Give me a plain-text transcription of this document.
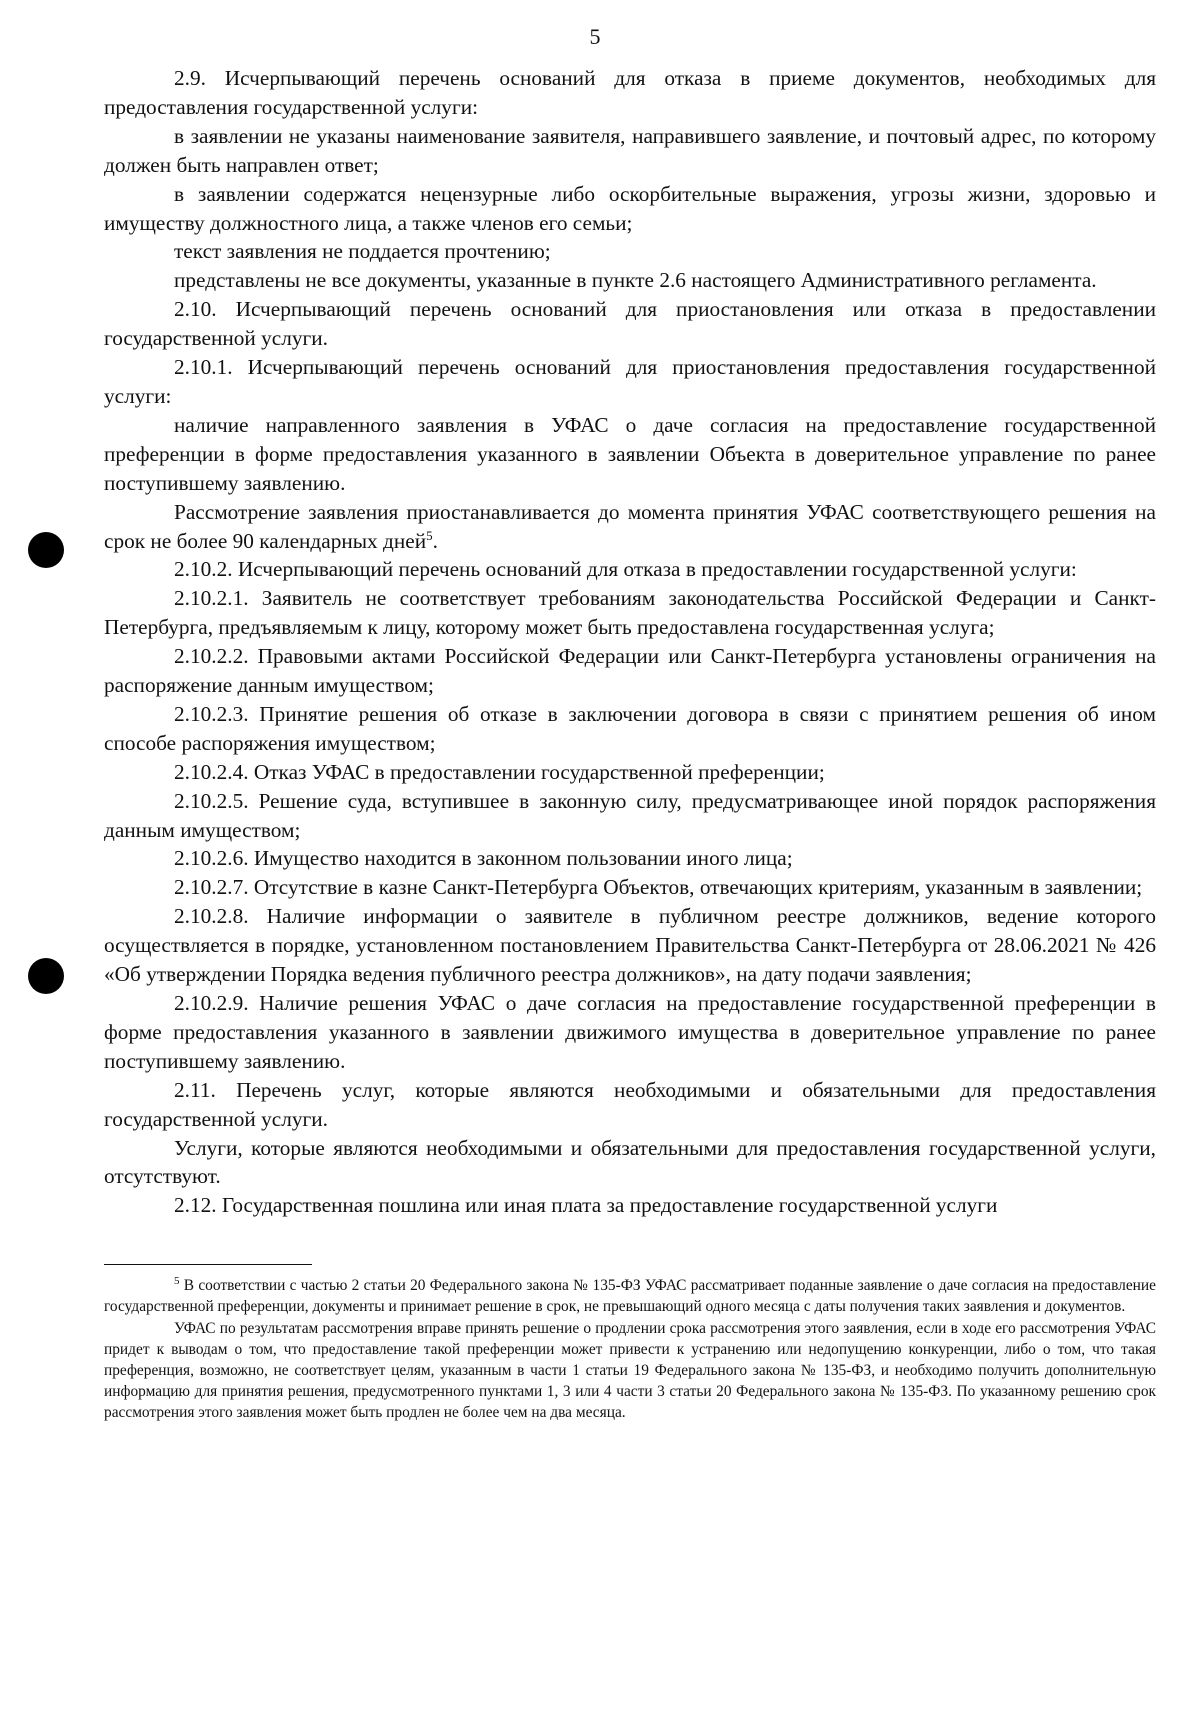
5

2.9. Исчерпывающий перечень оснований для отказа в приеме документов, необходимых для предоставления государственной услуги:

в заявлении не указаны наименование заявителя, направившего заявление, и почтовый адрес, по которому должен быть направлен ответ;

в заявлении содержатся нецензурные либо оскорбительные выражения, угрозы жизни, здоровью и имуществу должностного лица, а также членов его семьи;

текст заявления не поддается прочтению;

представлены не все документы, указанные в пункте 2.6 настоящего Административного регламента.

2.10. Исчерпывающий перечень оснований для приостановления или отказа в предоставлении государственной услуги.

2.10.1. Исчерпывающий перечень оснований для приостановления предоставления государственной услуги:

наличие направленного заявления в УФАС о даче согласия на предоставление государственной преференции в форме предоставления указанного в заявлении Объекта в доверительное управление по ранее поступившему заявлению.

Рассмотрение заявления приостанавливается до момента принятия УФАС соответствующего решения на срок не более 90 календарных дней$^5$.

2.10.2. Исчерпывающий перечень оснований для отказа в предоставлении государственной услуги:

2.10.2.1. Заявитель не соответствует требованиям законодательства Российской Федерации и Санкт-Петербурга, предъявляемым к лицу, которому может быть предоставлена государственная услуга;

2.10.2.2. Правовыми актами Российской Федерации или Санкт-Петербурга установлены ограничения на распоряжение данным имуществом;

2.10.2.3. Принятие решения об отказе в заключении договора в связи с принятием решения об ином способе распоряжения имуществом;

2.10.2.4. Отказ УФАС в предоставлении государственной преференции;

2.10.2.5. Решение суда, вступившее в законную силу, предусматривающее иной порядок распоряжения данным имуществом;

2.10.2.6. Имущество находится в законном пользовании иного лица;

2.10.2.7. Отсутствие в казне Санкт-Петербурга Объектов, отвечающих критериям, указанным в заявлении;

2.10.2.8. Наличие информации о заявителе в публичном реестре должников, ведение которого осуществляется в порядке, установленном постановлением Правительства Санкт-Петербурга от 28.06.2021 № 426 «Об утверждении Порядка ведения публичного реестра должников», на дату подачи заявления;

2.10.2.9. Наличие решения УФАС о даче согласия на предоставление государственной преференции в форме предоставления указанного в заявлении движимого имущества в доверительное управление по ранее поступившему заявлению.

2.11. Перечень услуг, которые являются необходимыми и обязательными для предоставления государственной услуги.

Услуги, которые являются необходимыми и обязательными для предоставления государственной услуги, отсутствуют.

2.12. Государственная пошлина или иная плата за предоставление государственной услуги

$^5$ В соответствии с частью 2 статьи 20 Федерального закона № 135-ФЗ УФАС рассматривает поданные заявление о даче согласия на предоставление государственной преференции, документы и принимает решение в срок, не превышающий одного месяца с даты получения таких заявления и документов.

УФАС по результатам рассмотрения вправе принять решение о продлении срока рассмотрения этого заявления, если в ходе его рассмотрения УФАС придет к выводам о том, что предоставление такой преференции может привести к устранению или недопущению конкуренции, либо о том, что такая преференция, возможно, не соответствует целям, указанным в части 1 статьи 19 Федерального закона № 135-ФЗ, и необходимо получить дополнительную информацию для принятия решения, предусмотренного пунктами 1, 3 или 4 части 3 статьи 20 Федерального закона № 135-ФЗ. По указанному решению срок рассмотрения этого заявления может быть продлен не более чем на два месяца.
